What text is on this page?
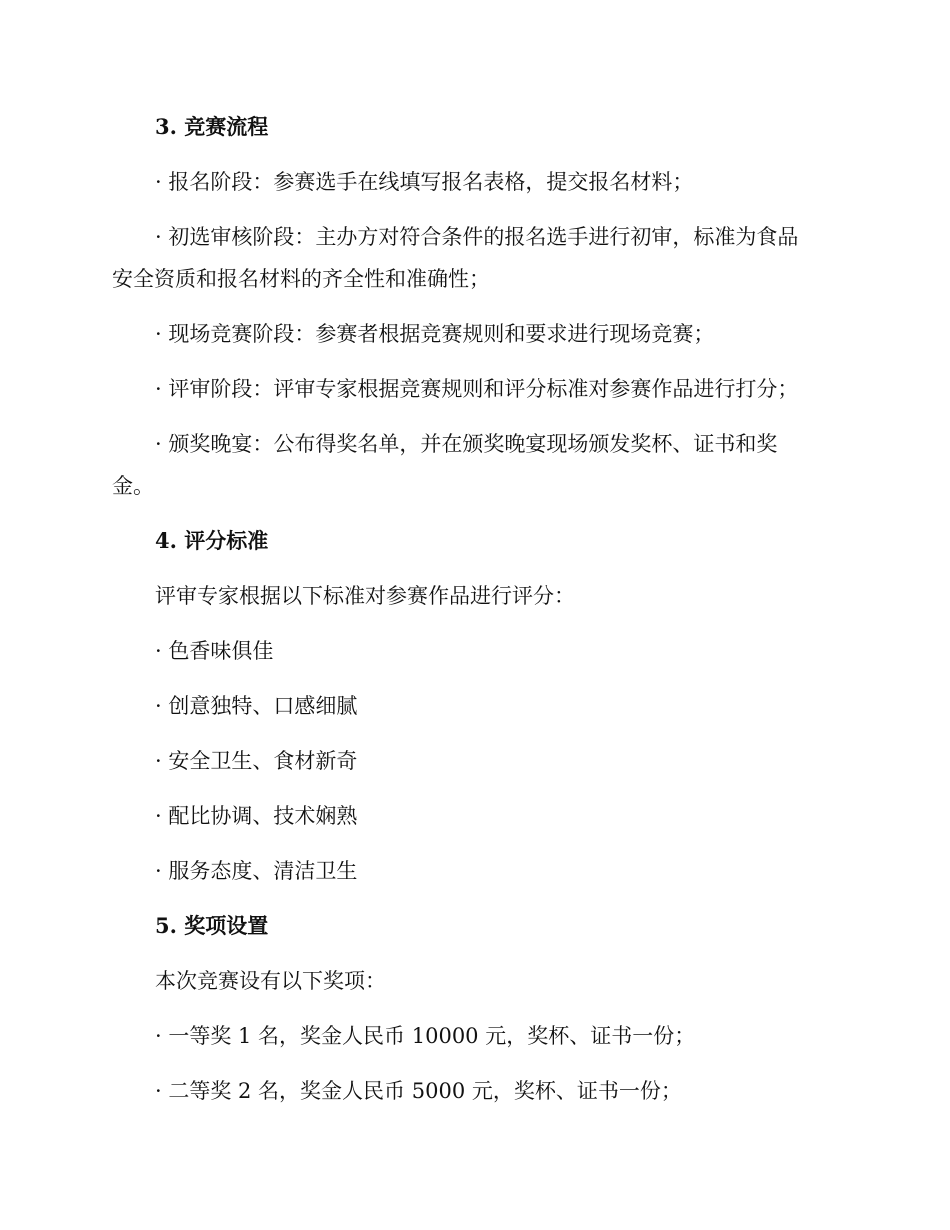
3. 竞赛流程
· 报名阶段：参赛选手在线填写报名表格，提交报名材料；
· 初选审核阶段：主办方对符合条件的报名选手进行初审，标准为食品
安全资质和报名材料的齐全性和准确性；
· 现场竞赛阶段：参赛者根据竞赛规则和要求进行现场竞赛；
· 评审阶段：评审专家根据竞赛规则和评分标准对参赛作品进行打分；
· 颁奖晚宴：公布得奖名单，并在颁奖晚宴现场颁发奖杯、证书和奖
金。
4. 评分标准
评审专家根据以下标准对参赛作品进行评分：
· 色香味俱佳
· 创意独特、口感细腻
· 安全卫生、食材新奇
· 配比协调、技术娴熟
· 服务态度、清洁卫生
5. 奖项设置
本次竞赛设有以下奖项：
· 一等奖 1 名，奖金人民币 10000 元，奖杯、证书一份；
· 二等奖 2 名，奖金人民币 5000 元，奖杯、证书一份；
